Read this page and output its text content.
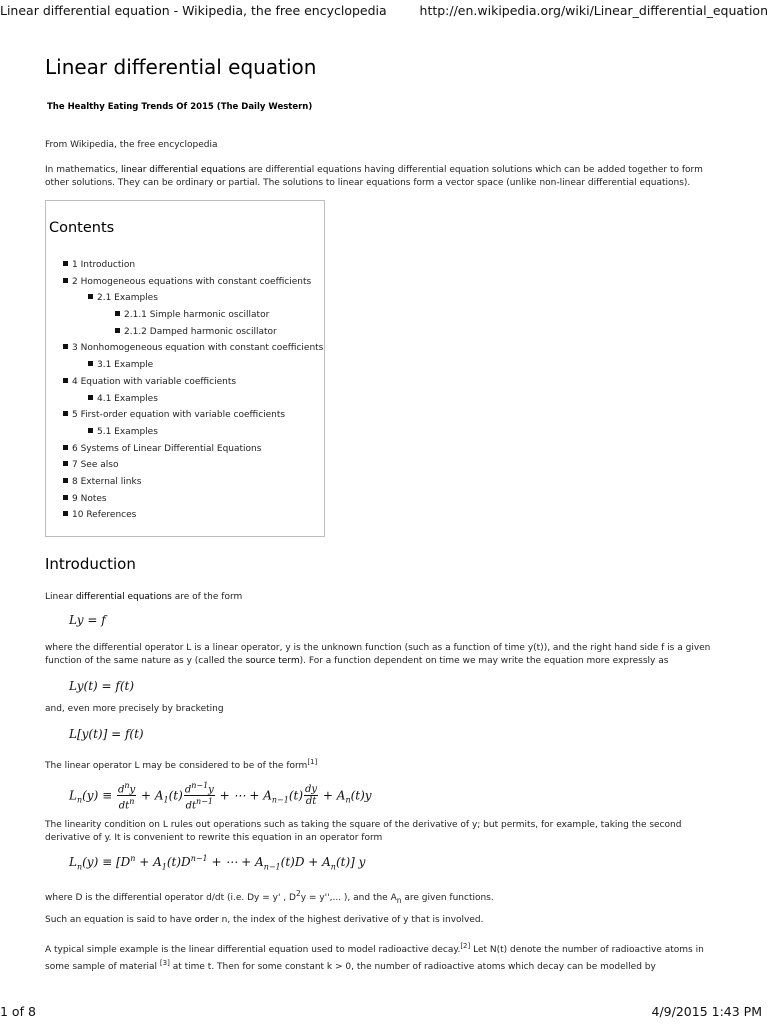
Linear differential equation - Wikipedia, the free encyclopedia	http://en.wikipedia.org/wiki/Linear_differential_equation
Linear differential equation
The Healthy Eating Trends Of 2015 (The Daily Western)
From Wikipedia, the free encyclopedia

In mathematics, linear differential equations are differential equations having differential equation solutions which can be added together to form other solutions. They can be ordinary or partial. The solutions to linear equations form a vector space (unlike non-linear differential equations).

Contents
1 Introduction
2 Homogeneous equations with constant coefficients
2.1 Examples
2.1.1 Simple harmonic oscillator
2.1.2 Damped harmonic oscillator
3 Nonhomogeneous equation with constant coefficients
3.1 Example
4 Equation with variable coefficients
4.1 Examples
5 First-order equation with variable coefficients
5.1 Examples
6 Systems of Linear Differential Equations
7 See also
8 External links
9 Notes
10 References
Introduction

Linear differential equations are of the form

Ly = f

where the differential operator L is a linear operator, y is the unknown function (such as a function of time y(t)), and the right hand side f is a given function of the same nature as y (called the source term). For a function dependent on time we may write the equation more expressly as

Ly(t) = f(t)

and, even more precisely by bracketing

L[y(t)] = f(t)

The linear operator L may be considered to be of the form[1]

$L_n(y) \equiv \frac{d^ny}{dt^n} + A_1(t) \frac{d^{n-1}y}{dt^{n-1}}$ + ⋯ + $A_{n-1}(t) \frac{dy}{dt} + A_n(t)y$

The linearity condition on L rules out operations such as taking the square of the derivative of y; but permits, for example, taking the second derivative of y. It is convenient to rewrite this equation in an operator form

$L_n(y) \equiv [D^n + A_1(t)D^{n-1}$ + ⋯ + $A_{n-1}(t)D + A_n(t)$] y

where D is the differential operator d/dt (i.e. Dy = y' , $D^2y = y''$,... ), and the $A_n$ are given functions.

Such an equation is said to have order n, the index of the highest derivative of y that is involved.

A typical simple example is the linear differential equation used to model radioactive decay.[2] Let N(t) denote the number of radioactive atoms in some sample of material [3] at time t. Then for some constant k > 0, the number of radioactive atoms which decay can be modelled by

1 of 8	4/9/2015 1:43 PM
